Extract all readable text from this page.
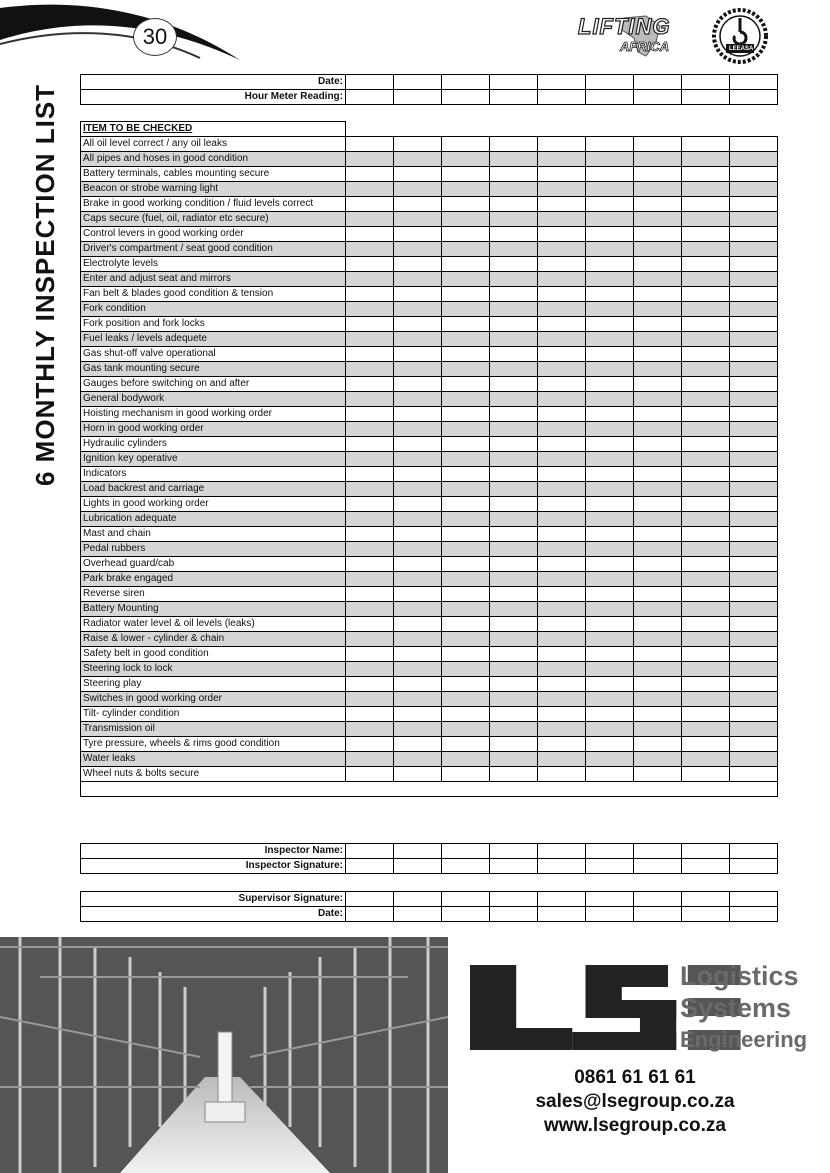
30	LIFTING
AFRICA	LEEASA
6 MONTHLY INSPECTION LIST
Date:									
Hour Meter Reading:									
ITEM TO BE CHECKED									
All oil level correct / any oil leaks									
All pipes and hoses in good condition									
Battery terminals, cables mounting secure									
Beacon or strobe warning light									
Brake in good working condition / fluid levels correct									
Caps secure (fuel, oil, radiator etc secure)									
Control levers in good working order									
Driver's compartment / seat good condition									
Electrolyte levels									
Enter and adjust seat and mirrors									
Fan belt & blades good condition & tension									
Fork condition									
Fork position and fork locks									
Fuel leaks / levels adequete									
Gas shut-off valve operational									
Gas tank mounting secure									
Gauges before switching on and after									
General bodywork									
Hoisting mechanism in good working order									
Horn in good working order									
Hydraulic cylinders									
Ignition key operative									
Indicators									
Load backrest and carriage									
Lights in good working order									
Lubrication adequate									
Mast and chain									
Pedal rubbers									
Overhead guard/cab									
Park brake engaged									
Reverse siren									
Battery Mounting									
Radiator water level & oil levels (leaks)									
Raise & lower - cylinder & chain									
Safety belt in good condition									
Steering lock to lock									
Steering play									
Switches in good working order									
Tilt- cylinder condition									
Transmission oil									
Tyre pressure, wheels & rims good condition									
Water leaks									
Wheel nuts & bolts secure									

Inspector Name:									
Inspector Signature:									
Supervisor Signature:									
Date:									
Logistics
Systems
Engineering
0861 61 61 61
sales@lsegroup.co.za
www.lsegroup.co.za
